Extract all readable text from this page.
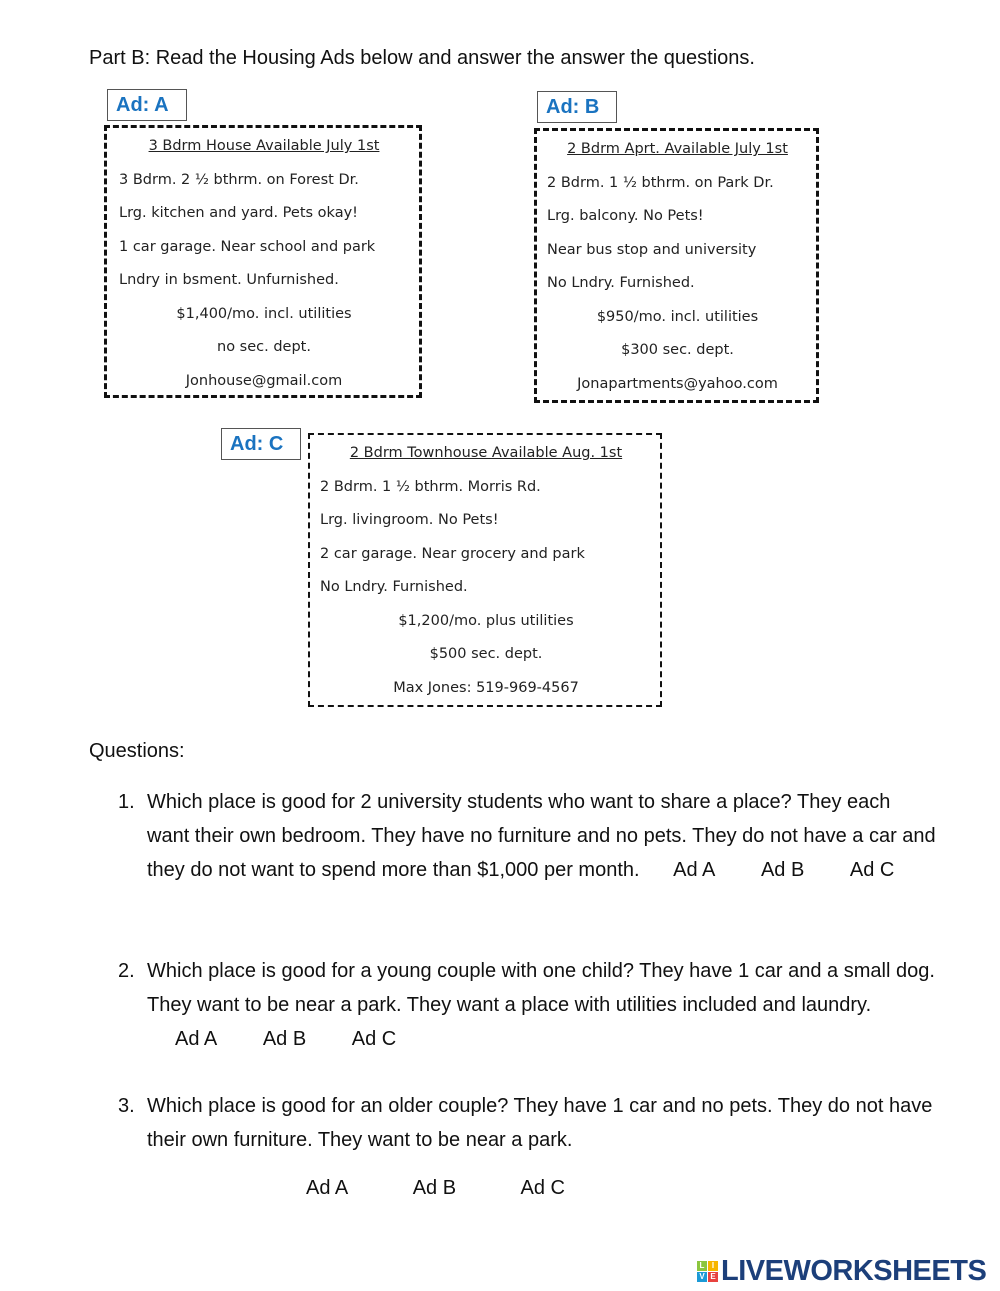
Part B: Read the Housing Ads below and answer the answer the questions.
Ad: A
3 Bdrm House Available July 1st
3 Bdrm. 2 ½ bthrm. on Forest Dr.
Lrg. kitchen and yard. Pets okay!
1 car garage. Near school and park
Lndry in bsment. Unfurnished.
$1,400/mo. incl. utilities
no sec. dept.
Jonhouse@gmail.com
Ad: B
2 Bdrm Aprt. Available July 1st
2 Bdrm. 1 ½ bthrm. on Park Dr.
Lrg. balcony. No Pets!
Near bus stop and university
No Lndry. Furnished.
$950/mo. incl. utilities
$300 sec. dept.
Jonapartments@yahoo.com
Ad: C	2 Bdrm Townhouse Available Aug. 1st
2 Bdrm. 1 ½ bthrm. Morris Rd.
Lrg. livingroom. No Pets!
2 car garage. Near grocery and park
No Lndry. Furnished.
$1,200/mo. plus utilities
$500 sec. dept.
Max Jones: 519-969-4567
Questions:
1. Which place is good for 2 university students who want to share a place? They each want their own bedroom. They have no furniture and no pets. They do not have a car and they do not want to spend more than $1,000 per month. Ad A Ad B Ad C
2. Which place is good for a young couple with one child? They have 1 car and a small dog. They want to be near a park. They want a place with utilities included and laundry. Ad A Ad B Ad C
3. Which place is good for an older couple? They have 1 car and no pets. They do not have their own furniture. They want to be near a park.
Ad A	Ad B	Ad C
L I
V E LIVEWORKSHEETS
